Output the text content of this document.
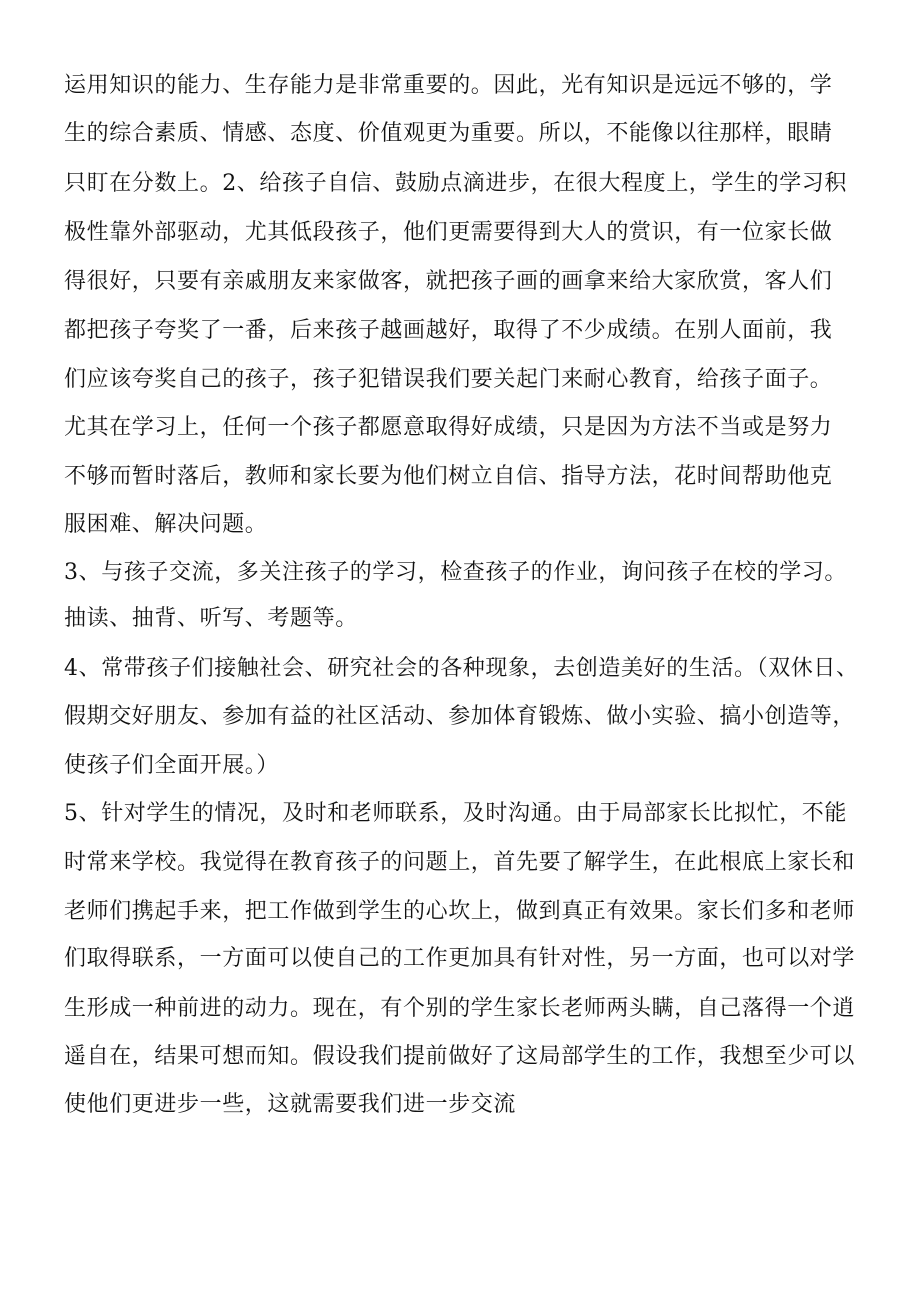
运用知识的能力、生存能力是非常重要的。因此，光有知识是远远不够的，学
生的综合素质、情感、态度、价值观更为重要。所以，不能像以往那样，眼睛
只盯在分数上。2、给孩子自信、鼓励点滴进步，在很大程度上，学生的学习积
极性靠外部驱动，尤其低段孩子，他们更需要得到大人的赏识，有一位家长做
得很好，只要有亲戚朋友来家做客，就把孩子画的画拿来给大家欣赏，客人们
都把孩子夸奖了一番，后来孩子越画越好，取得了不少成绩。在别人面前，我
们应该夸奖自己的孩子，孩子犯错误我们要关起门来耐心教育，给孩子面子。
尤其在学习上，任何一个孩子都愿意取得好成绩，只是因为方法不当或是努力
不够而暂时落后，教师和家长要为他们树立自信、指导方法，花时间帮助他克
服困难、解决问题。
3、与孩子交流，多关注孩子的学习，检查孩子的作业，询问孩子在校的学习。
抽读、抽背、听写、考题等。
4、常带孩子们接触社会、研究社会的各种现象，去创造美好的生活。（双休日、
假期交好朋友、参加有益的社区活动、参加体育锻炼、做小实验、搞小创造等，
使孩子们全面开展。）
5、针对学生的情况，及时和老师联系，及时沟通。由于局部家长比拟忙，不能
时常来学校。我觉得在教育孩子的问题上，首先要了解学生，在此根底上家长和
老师们携起手来，把工作做到学生的心坎上，做到真正有效果。家长们多和老师
们取得联系，一方面可以使自己的工作更加具有针对性，另一方面，也可以对学
生形成一种前进的动力。现在，有个别的学生家长老师两头瞒，自己落得一个逍
遥自在，结果可想而知。假设我们提前做好了这局部学生的工作，我想至少可以
使他们更进步一些，这就需要我们进一步交流
